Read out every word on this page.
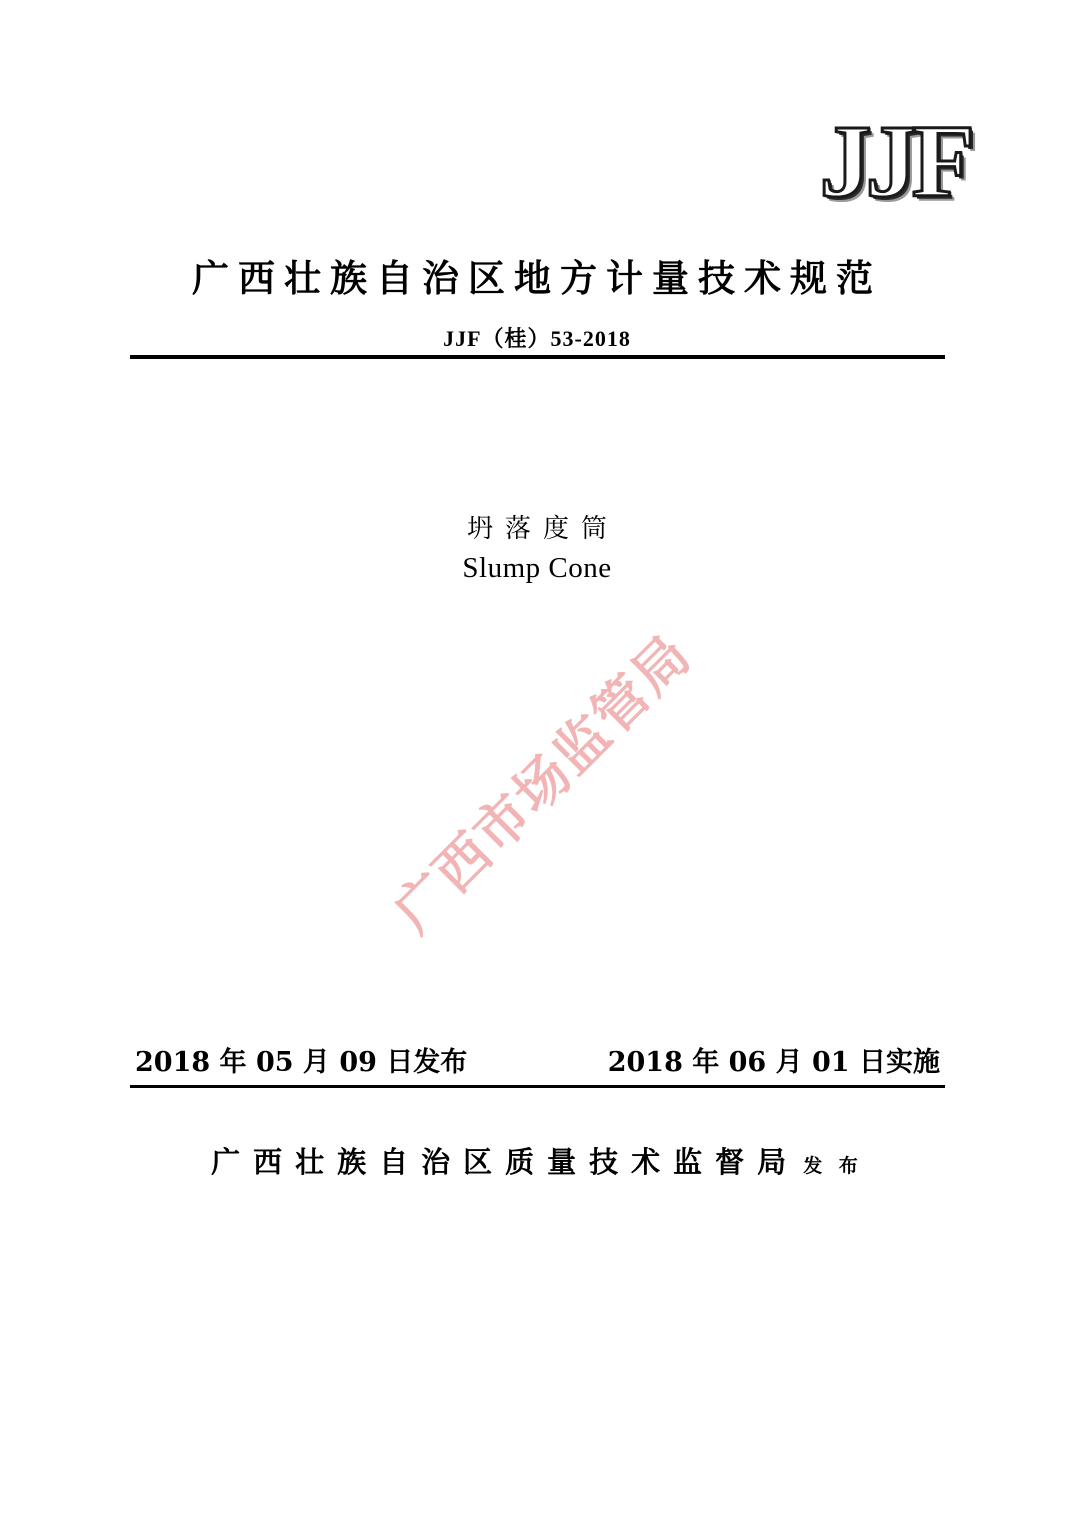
JJF
广西壮族自治区地方计量技术规范
JJF（桂）53-2018
坍落度筒
Slump Cone
广西市场监管局
2018 年 05 月 09 日发布	2018 年 06 月 01 日实施
广西壮族自治区质量技术监督局 发 布
